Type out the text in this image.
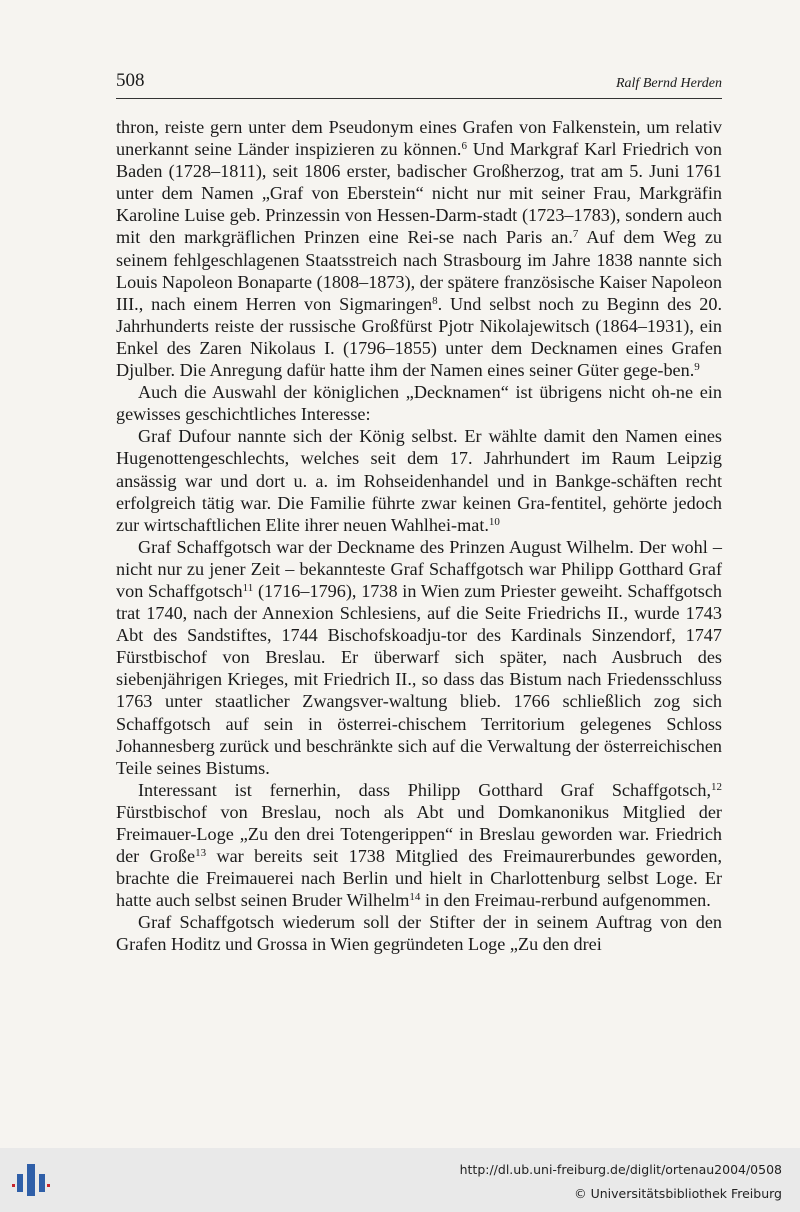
508	Ralf Bernd Herden

thron, reiste gern unter dem Pseudonym eines Grafen von Falkenstein, um relativ unerkannt seine Länder inspizieren zu können.$^6$ Und Markgraf Karl Friedrich von Baden (1728–1811), seit 1806 erster, badischer Großherzog, trat am 5. Juni 1761 unter dem Namen „Graf von Eberstein“ nicht nur mit seiner Frau, Markgräfin Karoline Luise geb. Prinzessin von Hessen-Darm-stadt (1723–1783), sondern auch mit den markgräflichen Prinzen eine Rei-se nach Paris an.$^7$ Auf dem Weg zu seinem fehlgeschlagenen Staatsstreich nach Strasbourg im Jahre 1838 nannte sich Louis Napoleon Bonaparte (1808–1873), der spätere französische Kaiser Napoleon III., nach einem Herren von Sigmaringen$^8$. Und selbst noch zu Beginn des 20. Jahrhunderts reiste der russische Großfürst Pjotr Nikolajewitsch (1864–1931), ein Enkel des Zaren Nikolaus I. (1796–1855) unter dem Decknamen eines Grafen Djulber. Die Anregung dafür hatte ihm der Namen eines seiner Güter gege-ben.$^9$

Auch die Auswahl der königlichen „Decknamen“ ist übrigens nicht oh-ne ein gewisses geschichtliches Interesse:

Graf Dufour nannte sich der König selbst. Er wählte damit den Namen eines Hugenottengeschlechts, welches seit dem 17. Jahrhundert im Raum Leipzig ansässig war und dort u. a. im Rohseidenhandel und in Bankge-schäften recht erfolgreich tätig war. Die Familie führte zwar keinen Gra-fentitel, gehörte jedoch zur wirtschaftlichen Elite ihrer neuen Wahlhei-mat.$^{10}$

Graf Schaffgotsch war der Deckname des Prinzen August Wilhelm. Der wohl – nicht nur zu jener Zeit – bekannteste Graf Schaffgotsch war Philipp Gotthard Graf von Schaffgotsch$^{11}$ (1716–1796), 1738 in Wien zum Priester geweiht. Schaffgotsch trat 1740, nach der Annexion Schlesiens, auf die Seite Friedrichs II., wurde 1743 Abt des Sandstiftes, 1744 Bischofskoadju-tor des Kardinals Sinzendorf, 1747 Fürstbischof von Breslau. Er überwarf sich später, nach Ausbruch des siebenjährigen Krieges, mit Friedrich II., so dass das Bistum nach Friedensschluss 1763 unter staatlicher Zwangsver-waltung blieb. 1766 schließlich zog sich Schaffgotsch auf sein in österrei-chischem Territorium gelegenes Schloss Johannesberg zurück und beschränkte sich auf die Verwaltung der österreichischen Teile seines Bistums.

Interessant ist fernerhin, dass Philipp Gotthard Graf Schaffgotsch,$^{12}$ Fürstbischof von Breslau, noch als Abt und Domkanonikus Mitglied der Freimauer-Loge „Zu den drei Totengerippen“ in Breslau geworden war. Friedrich der Große$^{13}$ war bereits seit 1738 Mitglied des Freimaurerbundes geworden, brachte die Freimauerei nach Berlin und hielt in Charlottenburg selbst Loge. Er hatte auch selbst seinen Bruder Wilhelm$^{14}$ in den Freimau-rerbund aufgenommen.

Graf Schaffgotsch wiederum soll der Stifter der in seinem Auftrag von den Grafen Hoditz und Grossa in Wien gegründeten Loge „Zu den drei

http://dl.ub.uni-freiburg.de/diglit/ortenau2004/0508
© Universitätsbibliothek Freiburg
